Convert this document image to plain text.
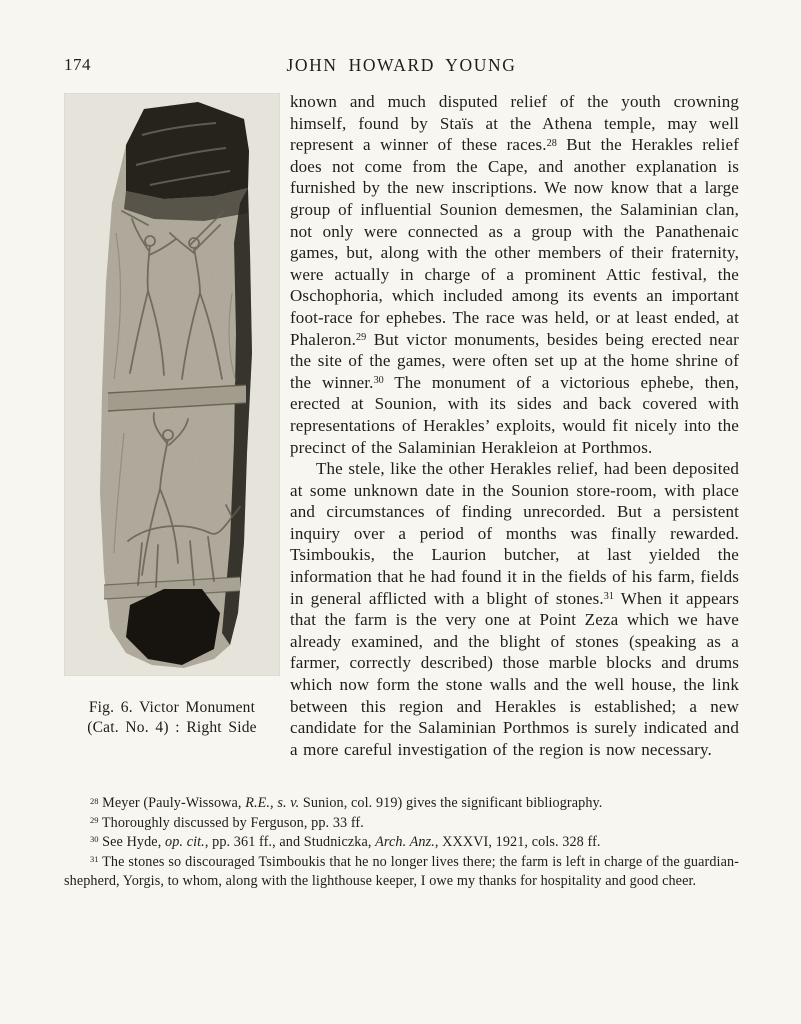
174	JOHN HOWARD YOUNG
Fig. 6. Victor Monument
(Cat. No. 4) : Right Side
known and much disputed relief of the youth crowning himself, found by Staïs at the Athena temple, may well represent a winner of these races.$^{28}$ But the Herakles relief does not come from the Cape, and another explanation is furnished by the new inscriptions. We now know that a large group of influential Sounion demesmen, the Salaminian clan, not only were connected as a group with the Panathenaic games, but, along with the other members of their fraternity, were actually in charge of a prominent Attic festival, the Oschophoria, which included among its events an important foot-race for ephebes. The race was held, or at least ended, at Phaleron.$^{29}$ But victor monuments, besides being erected near the site of the games, were often set up at the home shrine of the winner.$^{30}$ The monument of a victorious ephebe, then, erected at Sounion, with its sides and back covered with representations of Herakles’ exploits, would fit nicely into the precinct of the Salaminian Herakleion at Porthmos.
The stele, like the other Herakles relief, had been deposited at some unknown date in the Sounion store-room, with place and circumstances of finding unrecorded. But a persistent inquiry over a period of months was finally rewarded. Tsimboukis, the Laurion butcher, at last yielded the information that he had found it in the fields of his farm, fields in general afflicted with a blight of stones.$^{31}$ When it appears that the farm is the very one at Point Zeza which we have already examined, and the blight of stones (speaking as a farmer, correctly described) those marble blocks and drums which now form the stone walls and the well house, the link between this region and Herakles is established; a new candidate for the Salaminian Porthmos is surely indicated and a more careful investigation of the region is now necessary.
$^{28}$ Meyer (Pauly-Wissowa, R.E., s. v. Sunion, col. 919) gives the significant bibliography.
$^{29}$ Thoroughly discussed by Ferguson, pp. 33 ff.
$^{30}$ See Hyde, op. cit., pp. 361 ff., and Studniczka, Arch. Anz., XXXVI, 1921, cols. 328 ff.
$^{31}$ The stones so discouraged Tsimboukis that he no longer lives there; the farm is left in charge of the guardian-shepherd, Yorgis, to whom, along with the lighthouse keeper, I owe my thanks for hospitality and good cheer.
